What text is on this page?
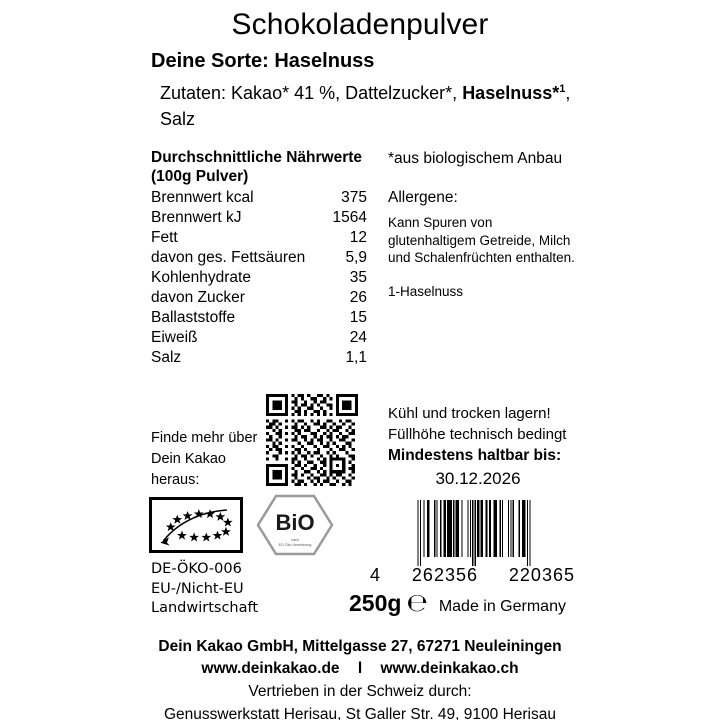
Schokoladenpulver
Deine Sorte: Haselnuss
Zutaten: Kakao* 41 %, Dattelzucker*, Haselnuss*$^1$, Salz
Durchschnittliche Nährwerte
(100g Pulver)
Brennwert kcal	375
Brennwert kJ	1564
Fett	12
davon ges. Fettsäuren	5,9
Kohlenhydrate	35
davon Zucker	26
Ballaststoffe	15
Eiweiß	24
Salz	1,1
*aus biologischem Anbau
Allergene:
Kann Spuren von glutenhaltigem Getreide, Milch und Schalenfrüchten enthalten.
1-Haselnuss
Finde mehr über Dein Kakao heraus:
Kühl und trocken lagern!
Füllhöhe technisch bedingt
Mindestens haltbar bis:
30.12.2026
BiO
nach
EG-Öko-Verordnung
DE-ÖKO-006
EU-/Nicht-EU
Landwirtschaft
4 262356 220365
250g ℮ Made in Germany
Dein Kakao GmbH, Mittelgasse 27, 67271 Neuleiningen
www.deinkakao.de l www.deinkakao.ch
Vertrieben in der Schweiz durch:
Genusswerkstatt Herisau, St Galler Str. 49, 9100 Herisau
